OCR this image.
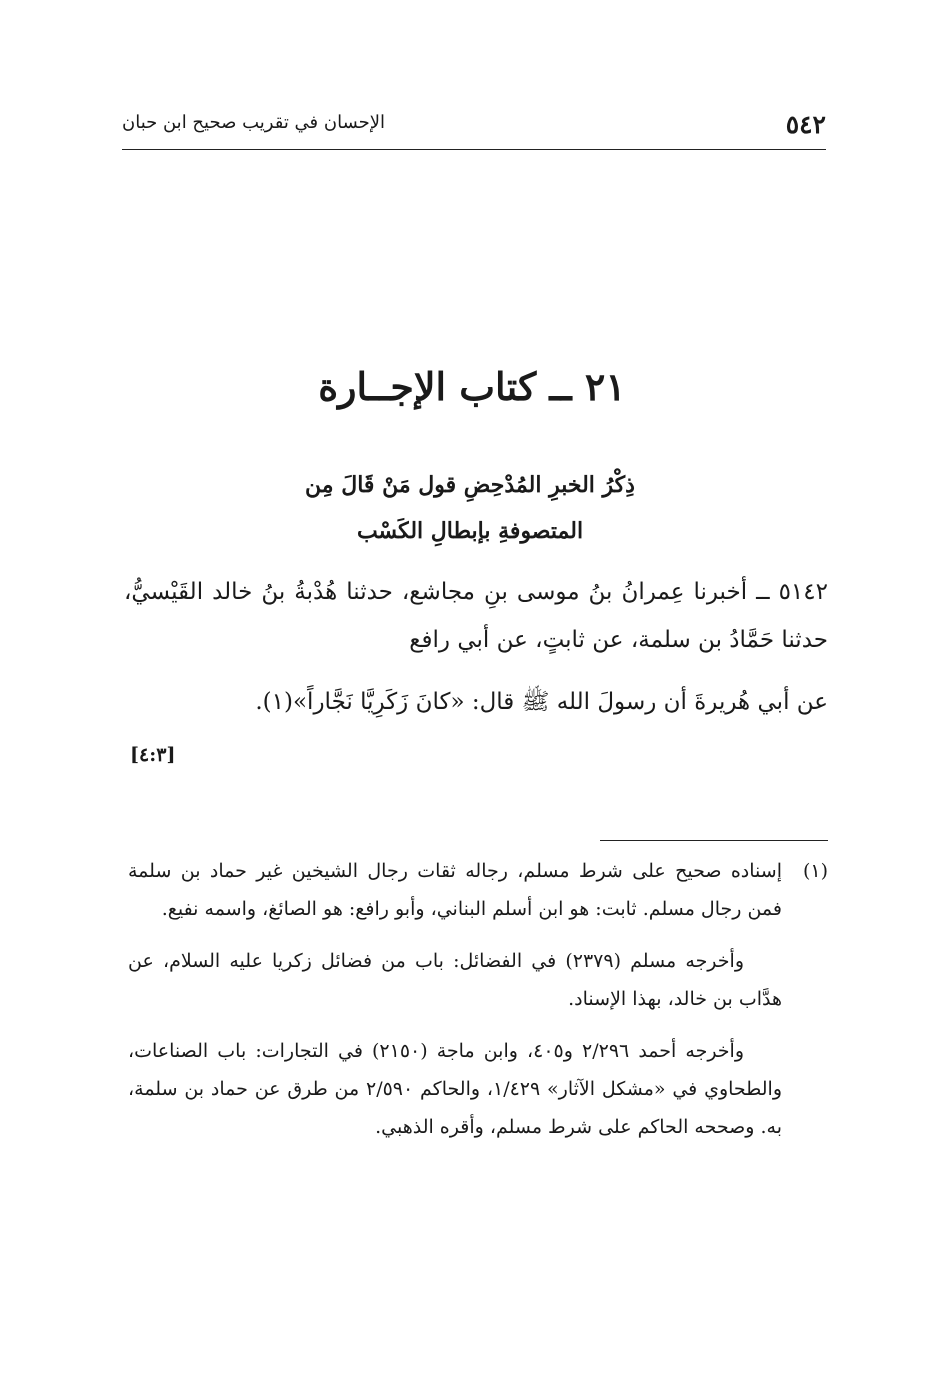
٥٤٢
الإحسان في تقريب صحيح ابن حبان
٢١ ــ كتاب الإجــارة
ذِكْرُ الخبرِ المُدْحِضِ قول مَنْ قَالَ مِن
المتصوفةِ بإبطالِ الكَسْب

٥١٤٢ ــ أخبرنا عِمرانُ بنُ موسى بنِ مجاشع، حدثنا هُدْبةُ بنُ خالد القَيْسيُّ، حدثنا حَمَّادُ بن سلمة، عن ثابتٍ، عن أبي رافع

عن أبي هُريرةَ أن رسولَ الله ﷺ قال: «كانَ زَكَرِيَّا نَجَّاراً»(١).

[٤:٣]
(١)
إسناده صحيح على شرط مسلم، رجاله ثقات رجال الشيخين غير حماد بن سلمة فمن رجال مسلم. ثابت: هو ابن أسلم البناني، وأبو رافع: هو الصائغ، واسمه نفيع.

وأخرجه مسلم (٢٣٧٩) في الفضائل: باب من فضائل زكريا عليه السلام، عن هدَّاب بن خالد، بهذا الإسناد.

وأخرجه أحمد ٢/٢٩٦ و٤٠٥، وابن ماجة (٢١٥٠) في التجارات: باب الصناعات، والطحاوي في «مشكل الآثار» ١/٤٢٩، والحاكم ٢/٥٩٠ من طرق عن حماد بن سلمة، به. وصححه الحاكم على شرط مسلم، وأقره الذهبي.
